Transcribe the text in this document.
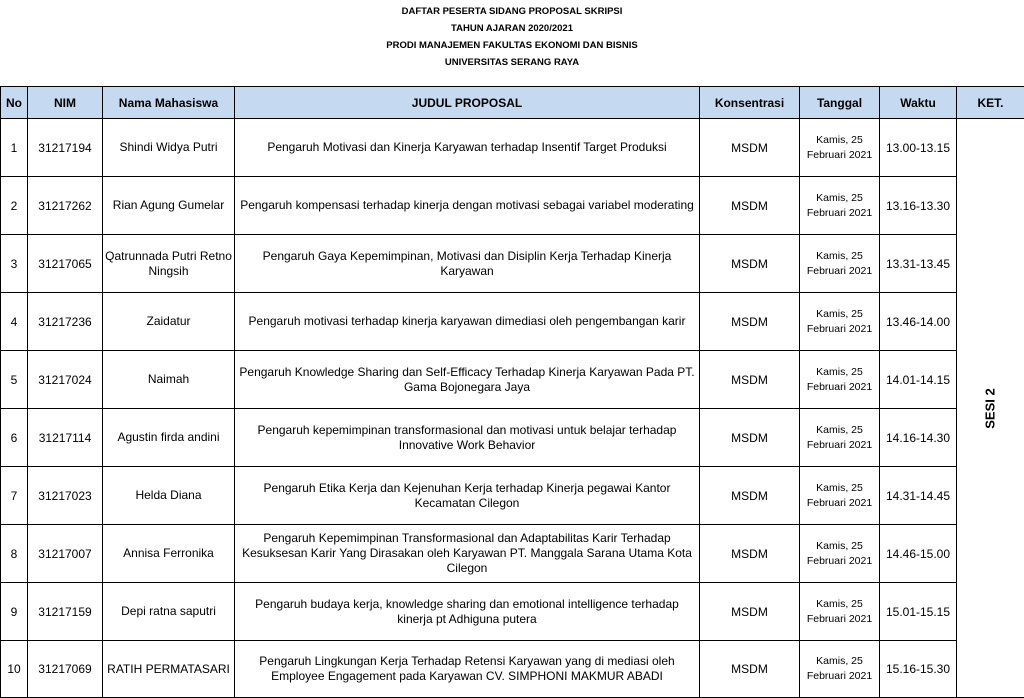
DAFTAR PESERTA SIDANG PROPOSAL SKRIPSI
TAHUN AJARAN 2020/2021
PRODI MANAJEMEN FAKULTAS EKONOMI DAN BISNIS
UNIVERSITAS SERANG RAYA
No	NIM	Nama Mahasiswa	JUDUL PROPOSAL	Konsentrasi	Tanggal	Waktu	KET.
1	31217194	Shindi Widya Putri	Pengaruh Motivasi dan Kinerja Karyawan terhadap Insentif Target Produksi	MSDM	Kamis, 25 Februari 2021	13.00-13.15	SESI 2
2	31217262	Rian Agung Gumelar	Pengaruh kompensasi terhadap kinerja dengan motivasi sebagai variabel moderating	MSDM	Kamis, 25 Februari 2021	13.16-13.30	
3	31217065	Qatrunnada Putri Retno Ningsih	Pengaruh Gaya Kepemimpinan, Motivasi dan Disiplin Kerja Terhadap Kinerja Karyawan	MSDM	Kamis, 25 Februari 2021	13.31-13.45	
4	31217236	Zaidatur	Pengaruh motivasi terhadap kinerja karyawan dimediasi oleh pengembangan karir	MSDM	Kamis, 25 Februari 2021	13.46-14.00	
5	31217024	Naimah	Pengaruh Knowledge Sharing dan Self-Efficacy Terhadap Kinerja Karyawan Pada PT. Gama Bojonegara Jaya	MSDM	Kamis, 25 Februari 2021	14.01-14.15	
6	31217114	Agustin firda andini	Pengaruh kepemimpinan transformasional dan motivasi untuk belajar terhadap Innovative Work Behavior	MSDM	Kamis, 25 Februari 2021	14.16-14.30	
7	31217023	Helda Diana	Pengaruh Etika Kerja dan Kejenuhan Kerja terhadap Kinerja pegawai Kantor Kecamatan Cilegon	MSDM	Kamis, 25 Februari 2021	14.31-14.45	
8	31217007	Annisa Ferronika	Pengaruh Kepemimpinan Transformasional dan Adaptabilitas Karir Terhadap Kesuksesan Karir Yang Dirasakan oleh Karyawan PT. Manggala Sarana Utama Kota Cilegon	MSDM	Kamis, 25 Februari 2021	14.46-15.00	
9	31217159	Depi ratna saputri	Pengaruh budaya kerja, knowledge sharing dan emotional intelligence terhadap kinerja pt Adhiguna putera	MSDM	Kamis, 25 Februari 2021	15.01-15.15	
10	31217069	RATIH PERMATASARI	Pengaruh Lingkungan Kerja Terhadap Retensi Karyawan yang di mediasi oleh Employee Engagement pada Karyawan CV. SIMPHONI MAKMUR ABADI	MSDM	Kamis, 25 Februari 2021	15.16-15.30	
